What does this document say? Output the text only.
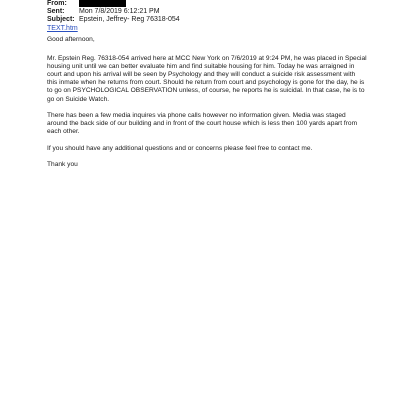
From:
Sent:	Mon 7/8/2019 6:12:21 PM
Subject: Epstein, Jeffrey- Reg 76318-054
TEXT.htm

Good afternoon,

Mr. Epstein Reg. 76318-054 arrived here at MCC New York on 7/6/2019 at 9:24 PM, he was placed in Special housing unit until we can better evaluate him and find suitable housing for him. Today he was arraigned in court and upon his arrival will be seen by Psychology and they will conduct a suicide risk assessment with this inmate when he returns from court. Should he return from court and psychology is gone for the day, he is to go on PSYCHOLOGICAL OBSERVATION unless, of course, he reports he is suicidal. In that case, he is to go on Suicide Watch.

There has been a few media inquires via phone calls however no information given. Media was staged around the back side of our building and in front of the court house which is less then 100 yards apart from each other.

If you should have any additional questions and or concerns please feel free to contact me.

Thank you
